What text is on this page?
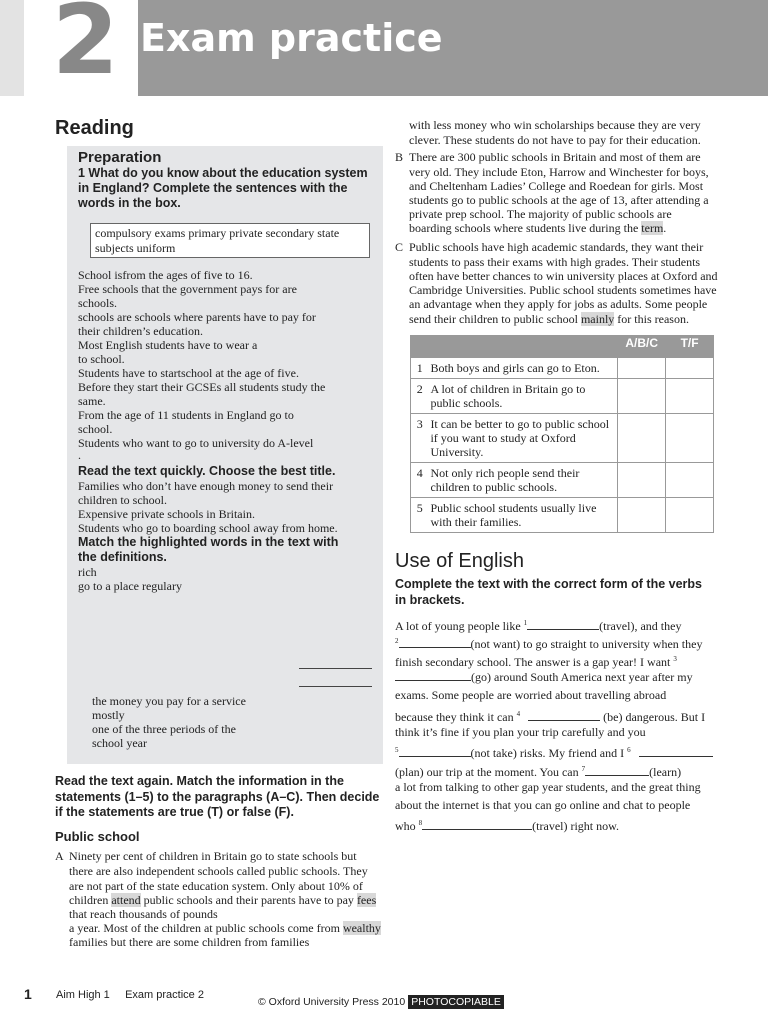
2 Exam practice
Reading
Preparation
1 What do you know about the education system in England? Complete the sentences with the words in the box.
compulsory exams primary private secondary state subjects uniform
School isfrom the ages of five to 16.
Free schools that the government pays for are
schools.
schools are schools where parents have to pay for
their children’s education.
Most English students have to wear a
to school.
Students have to startschool at the age of five.
Before they start their GCSEs all students study the
same.
From the age of 11 students in England go to
school.
Students who want to go to university do A-level
.
Read the text quickly. Choose the best title.
Families who don’t have enough money to send their
children to school.
Expensive private schools in Britain.
Students who go to boarding school away from home.
Match the highlighted words in the text with
the definitions.
rich
go to a place regulary
the money you pay for a service
mostly
one of the three periods of the
school year
Read the text again. Match the information in the statements (1–5) to the paragraphs (A–C). Then decide if the statements are true (T) or false (F).
Public school
A Ninety per cent of children in Britain go to state schools but
there are also independent schools called public schools. They
are not part of the state education system. Only about 10% of
children attend public schools and their parents have to pay fees
that reach thousands of pounds
a year. Most of the children at public schools come from wealthy
families but there are some children from families
with less money who win scholarships because they are very
clever. These students do not have to pay for their education.
B There are 300 public schools in Britain and most of them are
very old. They include Eton, Harrow and Winchester for boys,
and Cheltenham Ladies’ College and Roedean for girls. Most
students go to public schools at the age of 13, after attending a
private prep school. The majority of public schools are
boarding schools where students live during the term.
C Public schools have high academic standards, they want their
students to pass their exams with high grades. Their students
often have better chances to win university places at Oxford and
Cambridge Universities. Public school students sometimes have
an advantage when they apply for jobs as adults. Some people
send their children to public school mainly for this reason.
		A/B/C	T/F
1	Both boys and girls can go to Eton.		
2	A lot of children in Britain go to public schools.		
3	It can be better to go to public school if you want to study at Oxford University.		
4	Not only rich people send their children to public schools.		
5	Public school students usually live with their families.		
Use of English
Complete the text with the correct form of the verbs in brackets.
A lot of young people like $^1$	(travel), and they
$^2$	(not want) to go straight to university when they
finish secondary school. The answer is a gap year! I want $^3$
(go) around South America next year after my
exams. Some people are worried about travelling abroad
because they think it can $^4$	(be) dangerous. But I
think it’s fine if you plan your trip carefully and you
$^5$	(not take) risks. My friend and I $^6$
(plan) our trip at the moment. You can $^7$	(learn)
a lot from talking to other gap year students, and the great thing
about the internet is that you can go online and chat to people
who $^8$	(travel) right now.
1 Aim High 1     Exam practice 2
© Oxford University Press 2010 PHOTOCOPIABLE
